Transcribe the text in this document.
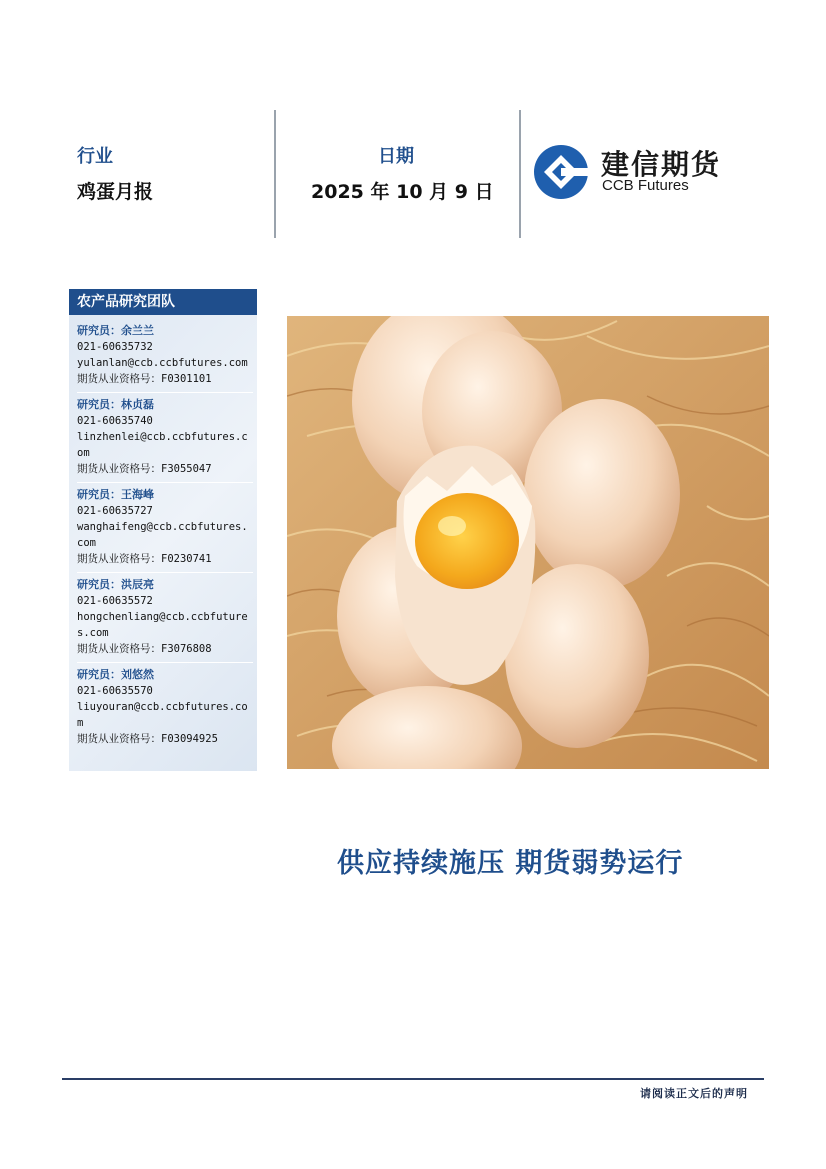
行业
鸡蛋月报
日期
2025 年 10 月 9 日
建信期货
CCB Futures
农产品研究团队
研究员：余兰兰
021-60635732
yulanlan@ccb.ccbfutures.com
期货从业资格号：F0301101
研究员：林贞磊
021-60635740
linzhenlei@ccb.ccbfutures.com
期货从业资格号：F3055047
研究员：王海峰
021-60635727
wanghaifeng@ccb.ccbfutures.com
期货从业资格号：F0230741
研究员：洪辰亮
021-60635572
hongchenliang@ccb.ccbfutures.com
期货从业资格号：F3076808
研究员：刘悠然
021-60635570
liuyouran@ccb.ccbfutures.com
期货从业资格号：F03094925
供应持续施压 期货弱势运行
请阅读正文后的声明
